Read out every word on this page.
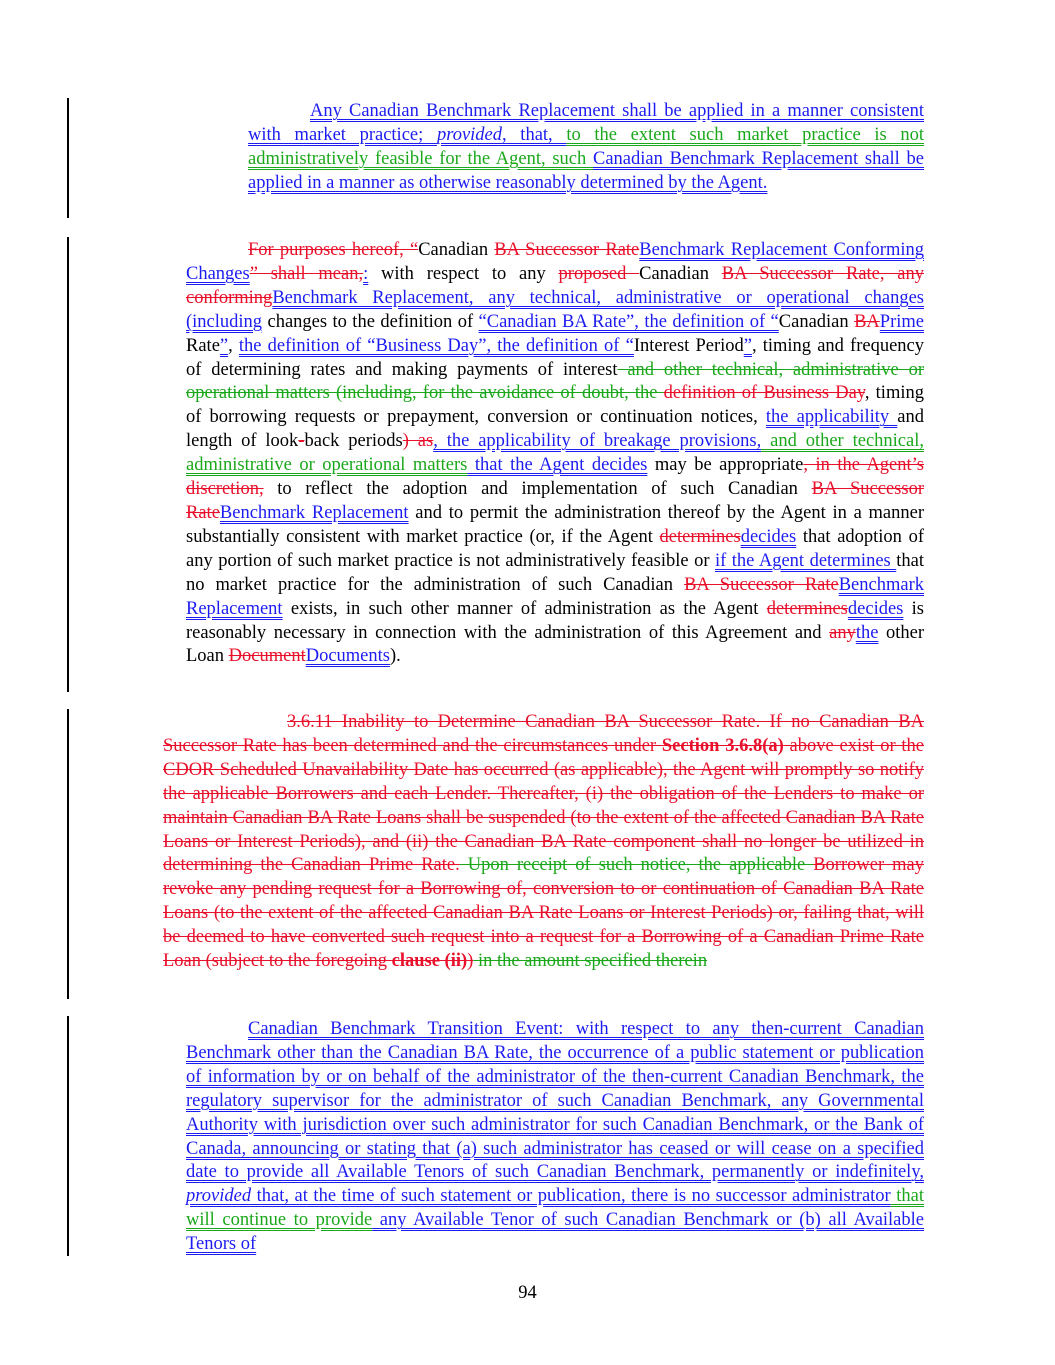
Any Canadian Benchmark Replacement shall be applied in a manner consistent with market practice; provided, that, to the extent such market practice is not administratively feasible for the Agent, such Canadian Benchmark Replacement shall be applied in a manner as otherwise reasonably determined by the Agent.

For purposes hereof, “Canadian BA Successor RateBenchmark Replacement Conforming Changes” shall mean,: with respect to any proposed Canadian BA Successor Rate, any conformingBenchmark Replacement, any technical, administrative or operational changes (including changes to the definition of “Canadian BA Rate”, the definition of “Canadian BAPrime Rate”, the definition of “Business Day”, the definition of “Interest Period”, timing and frequency of determining rates and making payments of interest and other technical, administrative or operational matters (including, for the avoidance of doubt, the definition of Business Day, timing of borrowing requests or prepayment, conversion or continuation notices, the applicability and length of look-back periods) as, the applicability of breakage provisions, and other technical, administrative or operational matters that the Agent decides may be appropriate, in the Agent’s discretion, to reflect the adoption and implementation of such Canadian BA Successor RateBenchmark Replacement and to permit the administration thereof by the Agent in a manner substantially consistent with market practice (or, if the Agent determinesdecides that adoption of any portion of such market practice is not administratively feasible or if the Agent determines that no market practice for the administration of such Canadian BA Successor RateBenchmark Replacement exists, in such other manner of administration as the Agent determinesdecides is reasonably necessary in connection with the administration of this Agreement and anythe other Loan DocumentDocuments).

3.6.11 Inability to Determine Canadian BA Successor Rate. If no Canadian BA Successor Rate has been determined and the circumstances under Section 3.6.8(a) above exist or the CDOR Scheduled Unavailability Date has occurred (as applicable), the Agent will promptly so notify the applicable Borrowers and each Lender. Thereafter, (i) the obligation of the Lenders to make or maintain Canadian BA Rate Loans shall be suspended (to the extent of the affected Canadian BA Rate Loans or Interest Periods), and (ii) the Canadian BA Rate component shall no longer be utilized in determining the Canadian Prime Rate. Upon receipt of such notice, the applicable Borrower may revoke any pending request for a Borrowing of, conversion to or continuation of Canadian BA Rate Loans (to the extent of the affected Canadian BA Rate Loans or Interest Periods) or, failing that, will be deemed to have converted such request into a request for a Borrowing of a Canadian Prime Rate Loan (subject to the foregoing clause (ii)) in the amount specified therein

Canadian Benchmark Transition Event: with respect to any then-current Canadian Benchmark other than the Canadian BA Rate, the occurrence of a public statement or publication of information by or on behalf of the administrator of the then-current Canadian Benchmark, the regulatory supervisor for the administrator of such Canadian Benchmark, any Governmental Authority with jurisdiction over such administrator for such Canadian Benchmark, or the Bank of Canada, announcing or stating that (a) such administrator has ceased or will cease on a specified date to provide all Available Tenors of such Canadian Benchmark, permanently or indefinitely, provided that, at the time of such statement or publication, there is no successor administrator that will continue to provide any Available Tenor of such Canadian Benchmark or (b) all Available Tenors of

94
